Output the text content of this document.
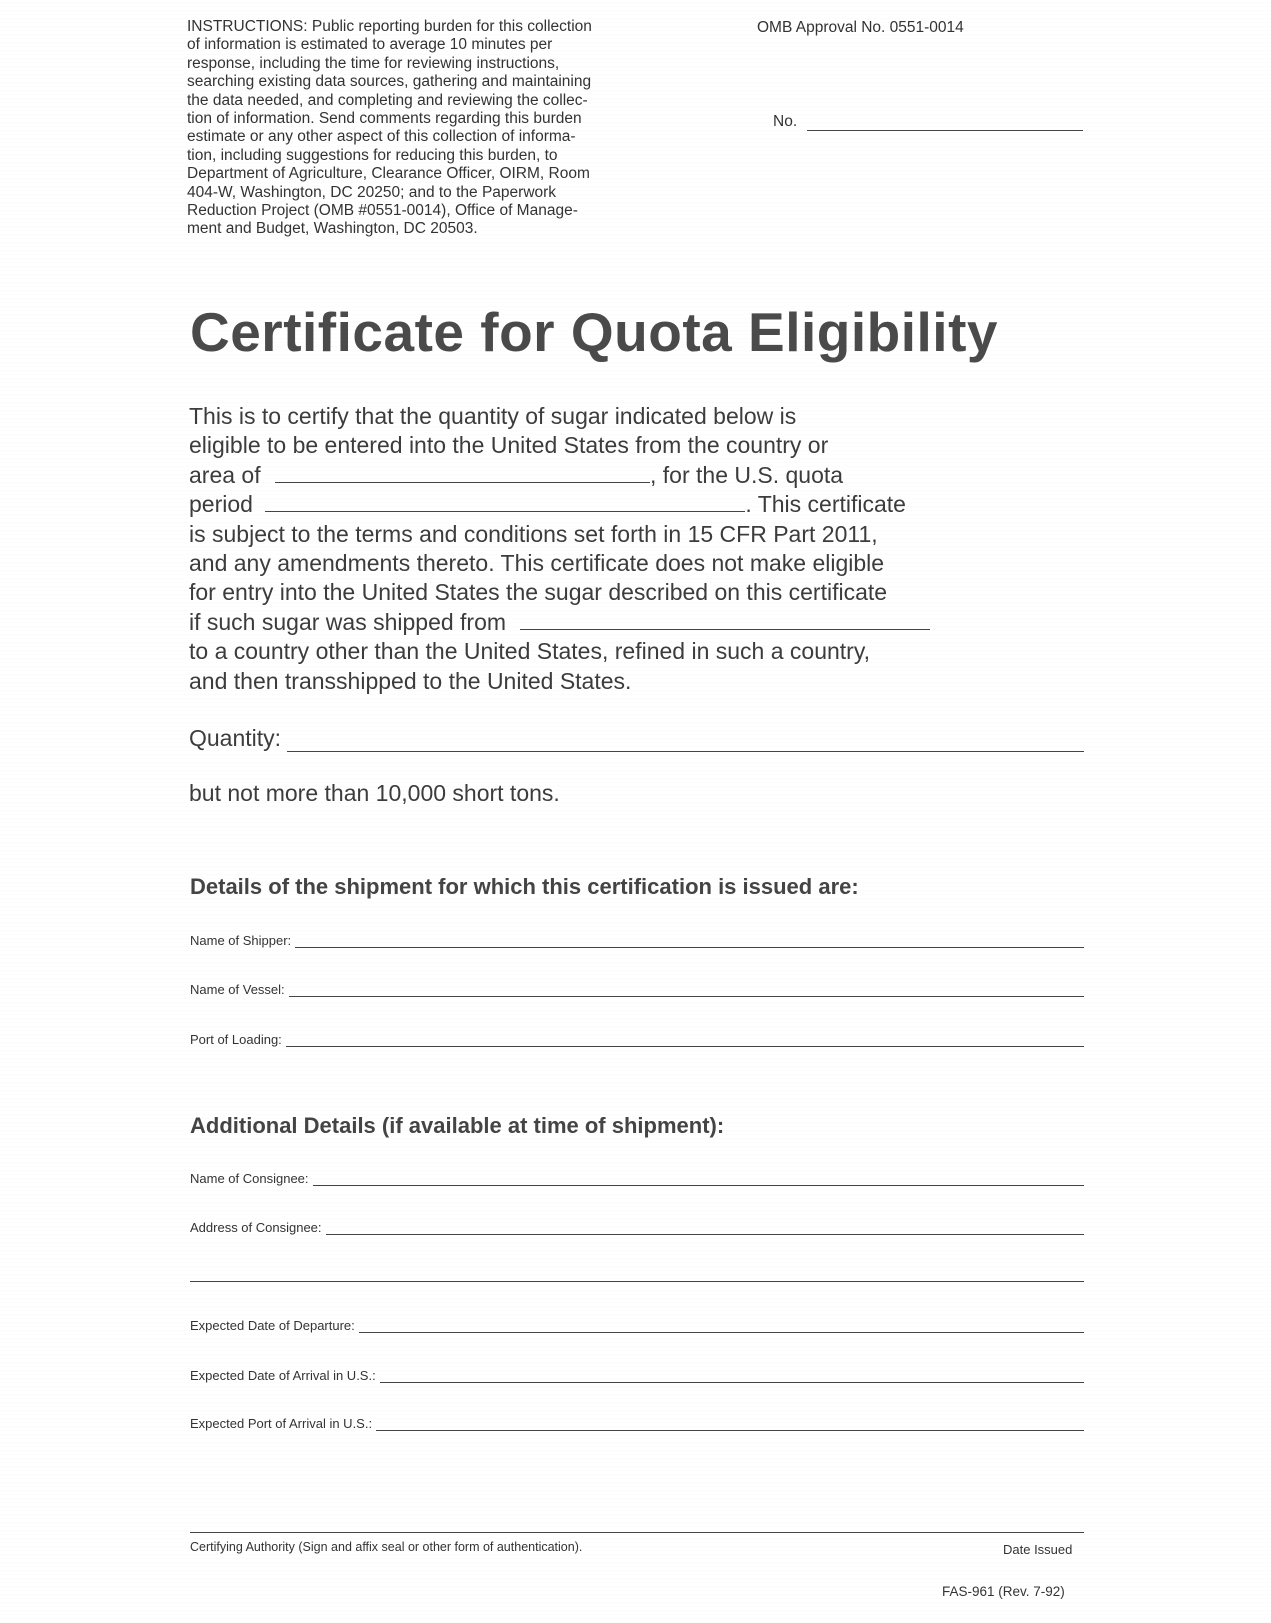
INSTRUCTIONS: Public reporting burden for this collection
of information is estimated to average 10 minutes per
response, including the time for reviewing instructions,
searching existing data sources, gathering and maintaining
the data needed, and completing and reviewing the collec-
tion of information. Send comments regarding this burden
estimate or any other aspect of this collection of informa-
tion, including suggestions for reducing this burden, to
Department of Agriculture, Clearance Officer, OIRM, Room
404-W, Washington, DC 20250; and to the Paperwork
Reduction Project (OMB #0551-0014), Office of Manage-
ment and Budget, Washington, DC 20503.
OMB Approval No. 0551-0014
No.
Certificate for Quota Eligibility
This is to certify that the quantity of sugar indicated below is
eligible to be entered into the United States from the country or
area of	, for the U.S. quota
period	. This certificate
is subject to the terms and conditions set forth in 15 CFR Part 2011,
and any amendments thereto. This certificate does not make eligible
for entry into the United States the sugar described on this certificate
if such sugar was shipped from
to a country other than the United States, refined in such a country,
and then transshipped to the United States.
Quantity:
but not more than 10,000 short tons.
Details of the shipment for which this certification is issued are:
Name of Shipper:
Name of Vessel:
Port of Loading:
Additional Details (if available at time of shipment):
Name of Consignee:
Address of Consignee:
Expected Date of Departure:
Expected Date of Arrival in U.S.:
Expected Port of Arrival in U.S.:
Certifying Authority (Sign and affix seal or other form of authentication).	Date Issued
FAS-961 (Rev. 7-92)
